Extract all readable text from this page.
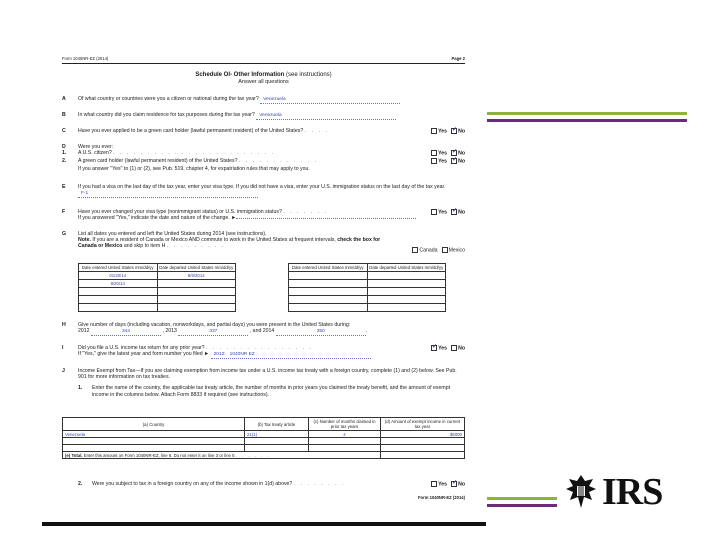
IRS
Form 1040NR-EZ (2014)	Page 2
Schedule OI- Other Information (see instructions)
Answer all questions
A Of what country or countries were you a citizen or national during the tax year? Venezuela
B In what country did you claim residence for tax purposes during the tax year? Venezuela
C Have you ever applied to be a green card holder (lawful permanent resident) of the United States? . . . .	Yes ✓	No
D Were you ever:
1. A U.S. citizen? . . . . . . . . . . . . . . . . . . . . . . . .	Yes ✓	No
2. A green card holder (lawful permanent resident) of the United States? . . . . . . . . . . . .	Yes ✓	No
If you answer "Yes" to (1) or (2), see Pub. 519, chapter 4, for expatriation rules that may apply to you.
E If you had a visa on the last day of the tax year, enter your visa type. If you did not have a visa, enter your U.S. immigration status on the last day of the tax year. F-1
F Have you ever changed your visa type (nonimmigrant status) or U.S. immigration status? . . . . . . .
If you answered "Yes," indicate the date and nature of the change. ►
Yes ✓	No
G List all dates you entered and left the United States during 2014 (see instructions).
Note. If you are a resident of Canada or Mexico AND commute to work in the United States at frequent intervals, check the box for Canada or Mexico and skip to item H . . . . . . . . .
Canada	Mexico
Date entered United States mm/dd/yy	Date departed United States mm/dd/yy
01/20/14	8/6/2014
8/20/14	

Date entered United States mm/dd/yy	Date departed United States mm/dd/yy

H Give number of days (including vacation, nonworkdays, and partial days) you were present in the United States during:
2012	344	, 2013	337	, and 2014	350	.
I	Did you file a U.S. income tax return for any prior year? . . . . . . . . . . . . . . . .
If "Yes," give the latest year and form number you filed ► 2012: 1040NR EZ
✓Yes	No
J	Income Exempt from Tax—If you are claiming exemption from income tax under a U.S. income tax treaty with a foreign country, complete (1) and (2) below. See Pub. 901 for more information on tax treaties.
1. Enter the name of the country, the applicable tax treaty article, the number of months in prior years you claimed the treaty benefit, and the amount of exempt income in the columns below. Attach Form 8833 if required (see instructions).
(a) Country	(b) Tax treaty article	(c) Number of months claimed in prior tax years	(d) Amount of exempt income in current tax year
Venezuela	21(1)	4	$5000

(e) Total. Enter this amount on Form 1040NR-EZ, line 6. Do not enter it on line 3 or line 5 . . . . . .			
2. Were you subject to tax in a foreign country on any of the income shown in 1(d) above? . . . . . . . .	Yes ✓	No
Form 1040NR-EZ (2014)
